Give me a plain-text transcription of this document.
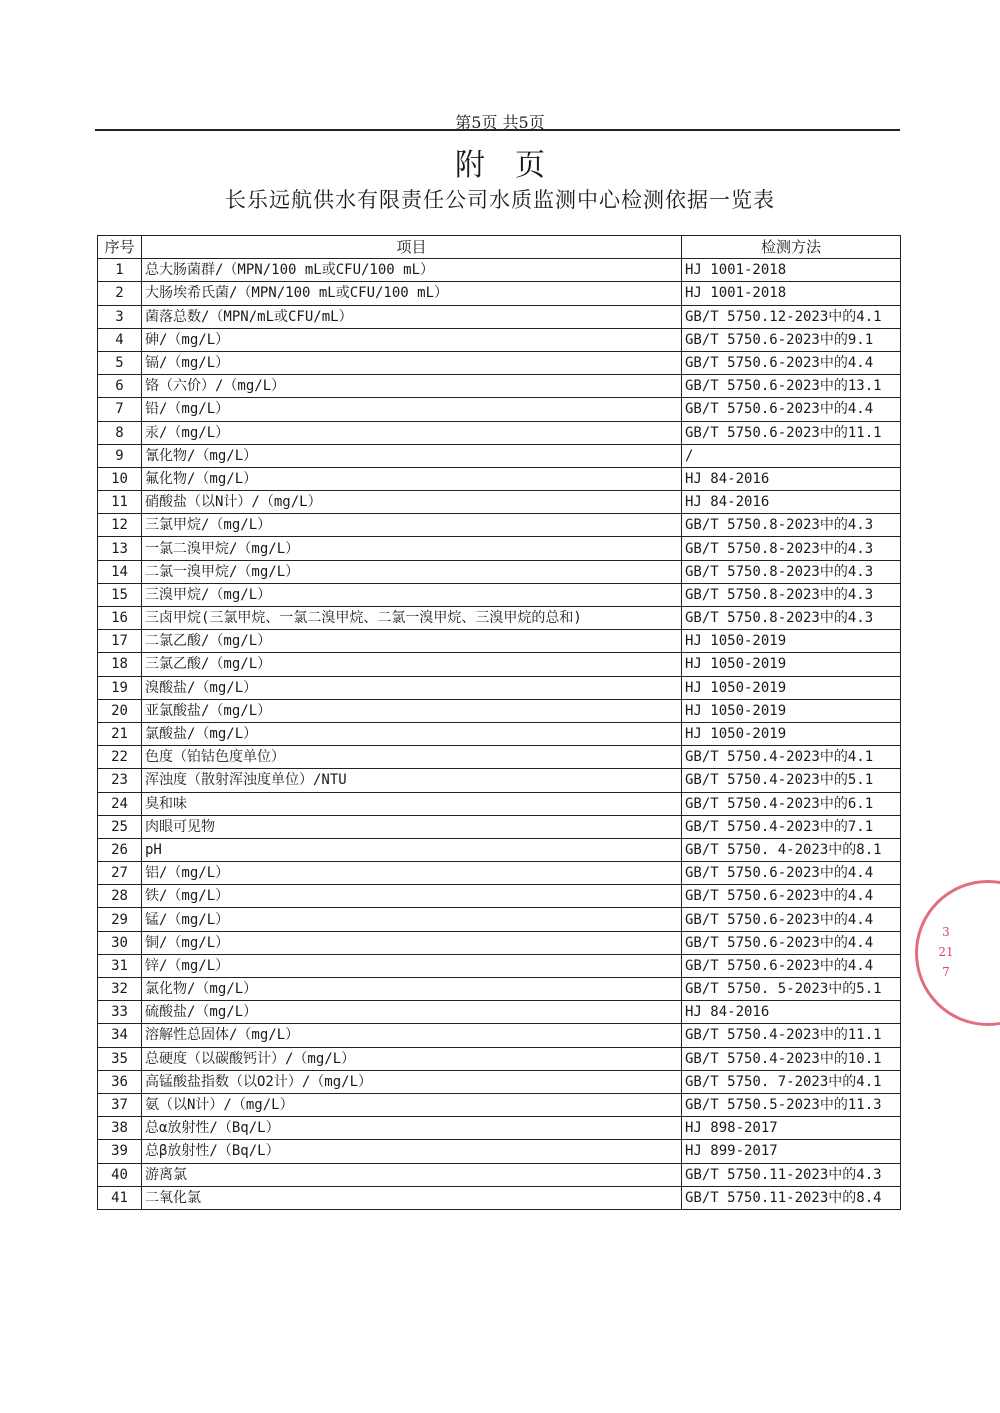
第5页 共5页
附页
长乐远航供水有限责任公司水质监测中心检测依据一览表
序号	项目	检测方法
1	总大肠菌群/（MPN/100 mL或CFU/100 mL）	HJ 1001-2018
2	大肠埃希氏菌/（MPN/100 mL或CFU/100 mL）	HJ 1001-2018
3	菌落总数/（MPN/mL或CFU/mL）	GB/T 5750.12-2023中的4.1
4	砷/（mg/L）	GB/T 5750.6-2023中的9.1
5	镉/（mg/L）	GB/T 5750.6-2023中的4.4
6	铬（六价）/（mg/L）	GB/T 5750.6-2023中的13.1
7	铅/（mg/L）	GB/T 5750.6-2023中的4.4
8	汞/（mg/L）	GB/T 5750.6-2023中的11.1
9	氰化物/（mg/L）	/
10	氟化物/（mg/L）	HJ 84-2016
11	硝酸盐（以N计）/（mg/L）	HJ 84-2016
12	三氯甲烷/（mg/L）	GB/T 5750.8-2023中的4.3
13	一氯二溴甲烷/（mg/L）	GB/T 5750.8-2023中的4.3
14	二氯一溴甲烷/（mg/L）	GB/T 5750.8-2023中的4.3
15	三溴甲烷/（mg/L）	GB/T 5750.8-2023中的4.3
16	三卤甲烷(三氯甲烷、一氯二溴甲烷、二氯一溴甲烷、三溴甲烷的总和)	GB/T 5750.8-2023中的4.3
17	二氯乙酸/（mg/L）	HJ 1050-2019
18	三氯乙酸/（mg/L）	HJ 1050-2019
19	溴酸盐/（mg/L）	HJ 1050-2019
20	亚氯酸盐/（mg/L）	HJ 1050-2019
21	氯酸盐/（mg/L）	HJ 1050-2019
22	色度（铂钴色度单位）	GB/T 5750.4-2023中的4.1
23	浑浊度（散射浑浊度单位）/NTU	GB/T 5750.4-2023中的5.1
24	臭和味	GB/T 5750.4-2023中的6.1
25	肉眼可见物	GB/T 5750.4-2023中的7.1
26	pH	GB/T 5750. 4-2023中的8.1
27	铝/（mg/L）	GB/T 5750.6-2023中的4.4
28	铁/（mg/L）	GB/T 5750.6-2023中的4.4
29	锰/（mg/L）	GB/T 5750.6-2023中的4.4
30	铜/（mg/L）	GB/T 5750.6-2023中的4.4
31	锌/（mg/L）	GB/T 5750.6-2023中的4.4
32	氯化物/（mg/L）	GB/T 5750. 5-2023中的5.1
33	硫酸盐/（mg/L）	HJ 84-2016
34	溶解性总固体/（mg/L）	GB/T 5750.4-2023中的11.1
35	总硬度（以碳酸钙计）/（mg/L）	GB/T 5750.4-2023中的10.1
36	高锰酸盐指数（以O2计）/（mg/L）	GB/T 5750. 7-2023中的4.1
37	氨（以N计）/（mg/L）	GB/T 5750.5-2023中的11.3
38	总α放射性/（Bq/L）	HJ 898-2017
39	总β放射性/（Bq/L）	HJ 899-2017
40	游离氯	GB/T 5750.11-2023中的4.3
41	二氧化氯	GB/T 5750.11-2023中的8.4
3 21 7
